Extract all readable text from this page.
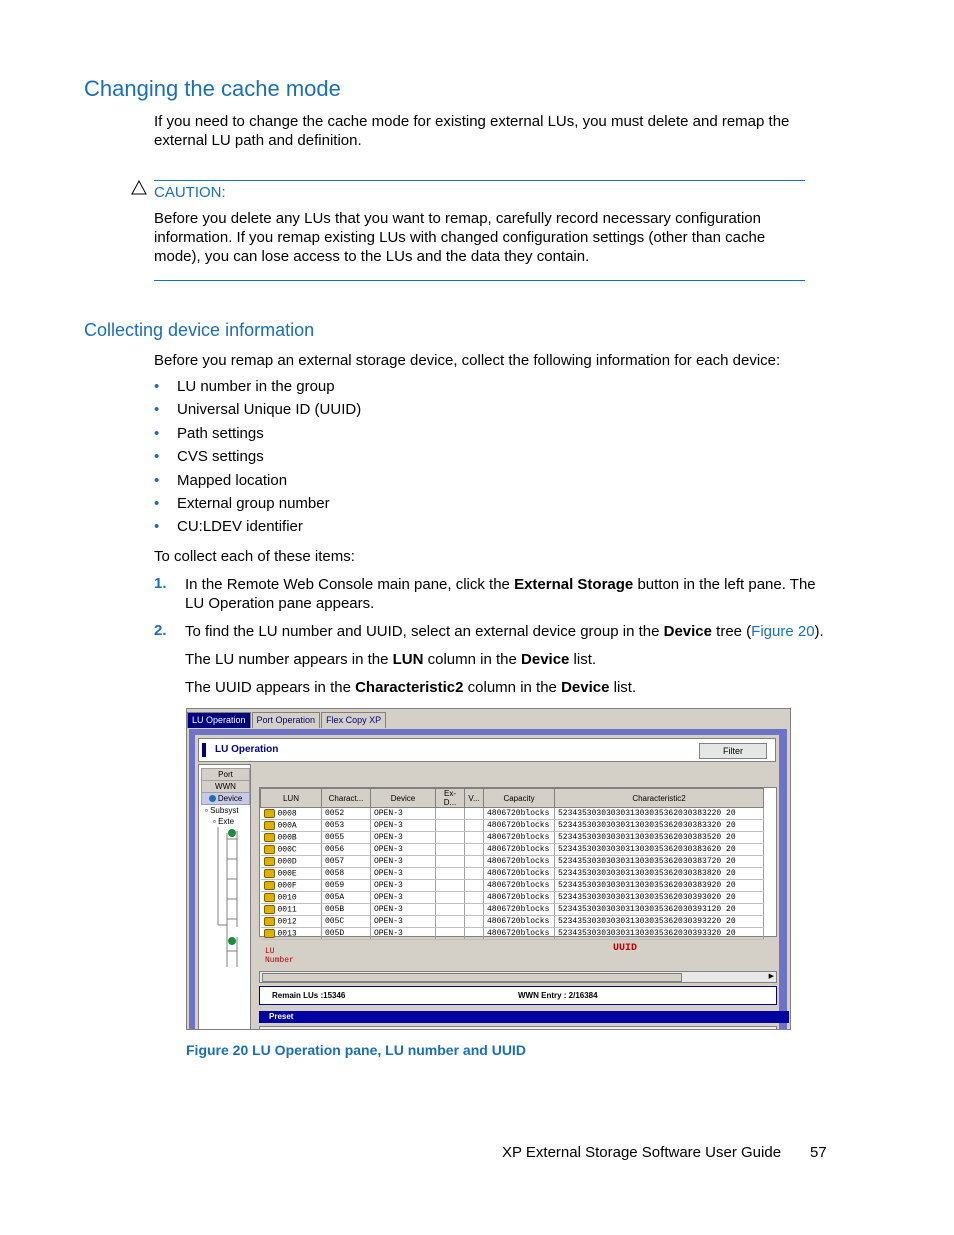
Changing the cache mode
If you need to change the cache mode for existing external LUs, you must delete and remap the external LU path and definition.
CAUTION:
Before you delete any LUs that you want to remap, carefully record necessary configuration information. If you remap existing LUs with changed configuration settings (other than cache mode), you can lose access to the LUs and the data they contain.
Collecting device information
Before you remap an external storage device, collect the following information for each device:
• LU number in the group
• Universal Unique ID (UUID)
• Path settings
• CVS settings
• Mapped location
• External group number
• CU:LDEV identifier
To collect each of these items:
1. In the Remote Web Console main pane, click the External Storage button in the left pane. The LU Operation pane appears.
2. To find the LU number and UUID, select an external device group in the Device tree (Figure 20).
The LU number appears in the LUN column in the Device list.
The UUID appears in the Characteristic2 column in the Device list.
LU Operation	Port Operation	Flex Copy XP
LU Operation	Filter
Port
WWN
Device
▫ Subsyst
▫ Exte
LUN	Charact...	Device	Ex-D...	V...	Capacity	Characteristic2
0008	0052	OPEN-3			4806720blocks	5234353030303031303035362030383220 20
000A	0053	OPEN-3			4806720blocks	5234353030303031303035362030383320 20
000B	0055	OPEN-3			4806720blocks	5234353030303031303035362030383520 20
000C	0056	OPEN-3			4806720blocks	5234353030303031303035362030383620 20
000D	0057	OPEN-3			4806720blocks	5234353030303031303035362030383720 20
000E	0058	OPEN-3			4806720blocks	5234353030303031303035362030383820 20
000F	0059	OPEN-3			4806720blocks	5234353030303031303035362030383920 20
0010	005A	OPEN-3			4806720blocks	5234353030303031303035362030393020 20
0011	005B	OPEN-3			4806720blocks	5234353030303031303035362030393120 20
0012	005C	OPEN-3			4806720blocks	5234353030303031303035362030393220 20
0013	005D	OPEN-3			4806720blocks	5234353030303031303035362030393320 20
LU
Number
UUID
▶
Remain LUs :15346	WWN Entry : 2/16384
Preset
Figure 20 LU Operation pane, LU number and UUID
XP External Storage Software User Guide 57
